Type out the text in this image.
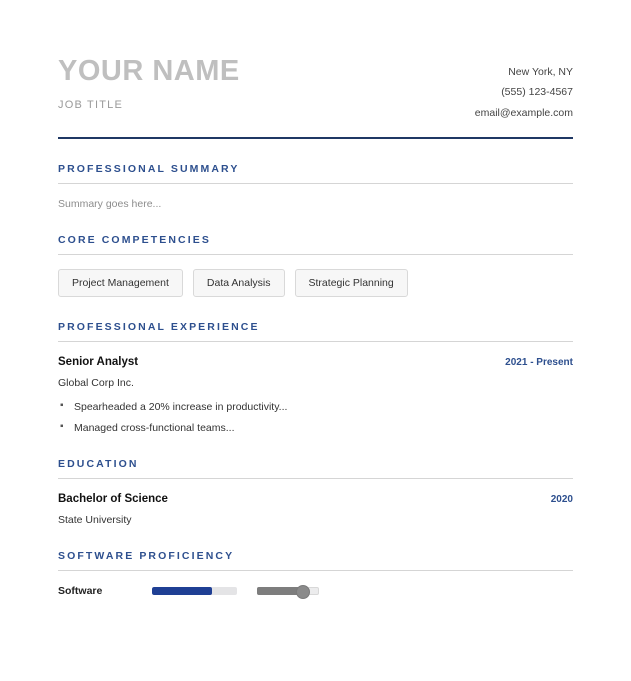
YOUR NAME
JOB TITLE
New York, NY
(555) 123-4567
email@example.com
PROFESSIONAL SUMMARY
Summary goes here...
CORE COMPETENCIES
Project Management	Data Analysis	Strategic Planning
PROFESSIONAL EXPERIENCE
Senior Analyst	2021 - Present
Global Corp Inc.
▪ Spearheaded a 20% increase in productivity...
▪ Managed cross-functional teams...
EDUCATION
Bachelor of Science	2020
State University
SOFTWARE PROFICIENCY
Software
